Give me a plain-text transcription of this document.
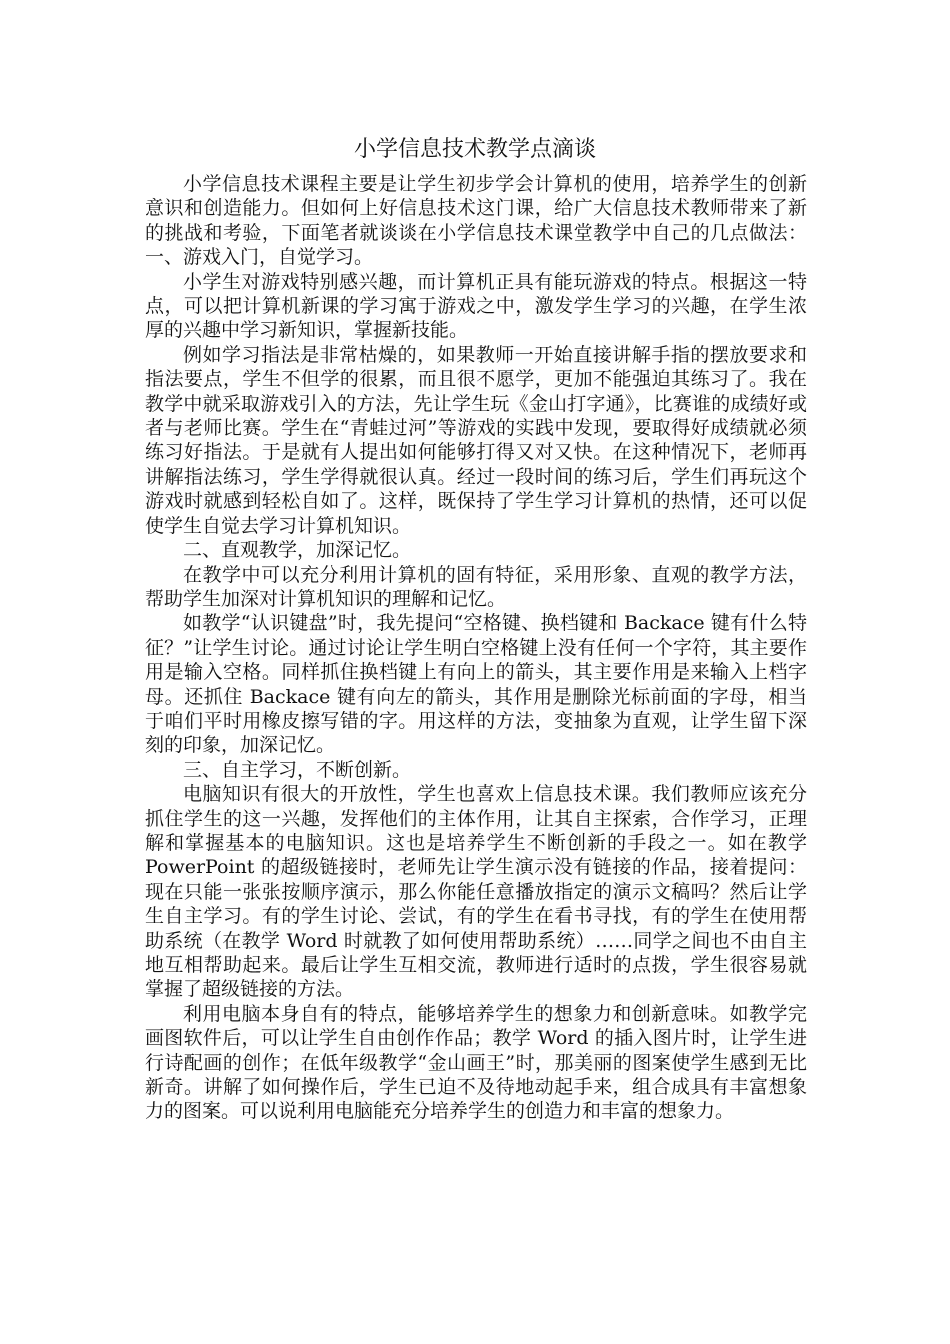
小学信息技术教学点滴谈

小学信息技术课程主要是让学生初步学会计算机的使用，培养学生的创新意识和创造能力。但如何上好信息技术这门课，给广大信息技术教师带来了新的挑战和考验，下面笔者就谈谈在小学信息技术课堂教学中自己的几点做法：一、游戏入门，自觉学习。

小学生对游戏特别感兴趣，而计算机正具有能玩游戏的特点。根据这一特点，可以把计算机新课的学习寓于游戏之中，激发学生学习的兴趣，在学生浓厚的兴趣中学习新知识，掌握新技能。

例如学习指法是非常枯燥的，如果教师一开始直接讲解手指的摆放要求和指法要点，学生不但学的很累，而且很不愿学，更加不能强迫其练习了。我在教学中就采取游戏引入的方法，先让学生玩《金山打字通》，比赛谁的成绩好或者与老师比赛。学生在“青蛙过河”等游戏的实践中发现，要取得好成绩就必须练习好指法。于是就有人提出如何能够打得又对又快。在这种情况下，老师再讲解指法练习，学生学得就很认真。经过一段时间的练习后，学生们再玩这个游戏时就感到轻松自如了。这样，既保持了学生学习计算机的热情，还可以促使学生自觉去学习计算机知识。

二、直观教学，加深记忆。

在教学中可以充分利用计算机的固有特征，采用形象、直观的教学方法，帮助学生加深对计算机知识的理解和记忆。

如教学“认识键盘”时，我先提问“空格键、换档键和 Backace 键有什么特征？”让学生讨论。通过讨论让学生明白空格键上没有任何一个字符，其主要作用是输入空格。同样抓住换档键上有向上的箭头，其主要作用是来输入上档字母。还抓住 Backace 键有向左的箭头，其作用是删除光标前面的字母，相当于咱们平时用橡皮擦写错的字。用这样的方法，变抽象为直观，让学生留下深刻的印象，加深记忆。

三、自主学习，不断创新。

电脑知识有很大的开放性，学生也喜欢上信息技术课。我们教师应该充分抓住学生的这一兴趣，发挥他们的主体作用，让其自主探索，合作学习，正理解和掌握基本的电脑知识。这也是培养学生不断创新的手段之一。如在教学 PowerPoint 的超级链接时，老师先让学生演示没有链接的作品，接着提问：现在只能一张张按顺序演示，那么你能任意播放指定的演示文稿吗？然后让学生自主学习。有的学生讨论、尝试，有的学生在看书寻找，有的学生在使用帮助系统（在教学 Word 时就教了如何使用帮助系统）……同学之间也不由自主地互相帮助起来。最后让学生互相交流，教师进行适时的点拨，学生很容易就掌握了超级链接的方法。

利用电脑本身自有的特点，能够培养学生的想象力和创新意味。如教学完画图软件后，可以让学生自由创作作品；教学 Word 的插入图片时，让学生进行诗配画的创作；在低年级教学“金山画王”时，那美丽的图案使学生感到无比新奇。讲解了如何操作后，学生已迫不及待地动起手来，组合成具有丰富想象力的图案。可以说利用电脑能充分培养学生的创造力和丰富的想象力。
